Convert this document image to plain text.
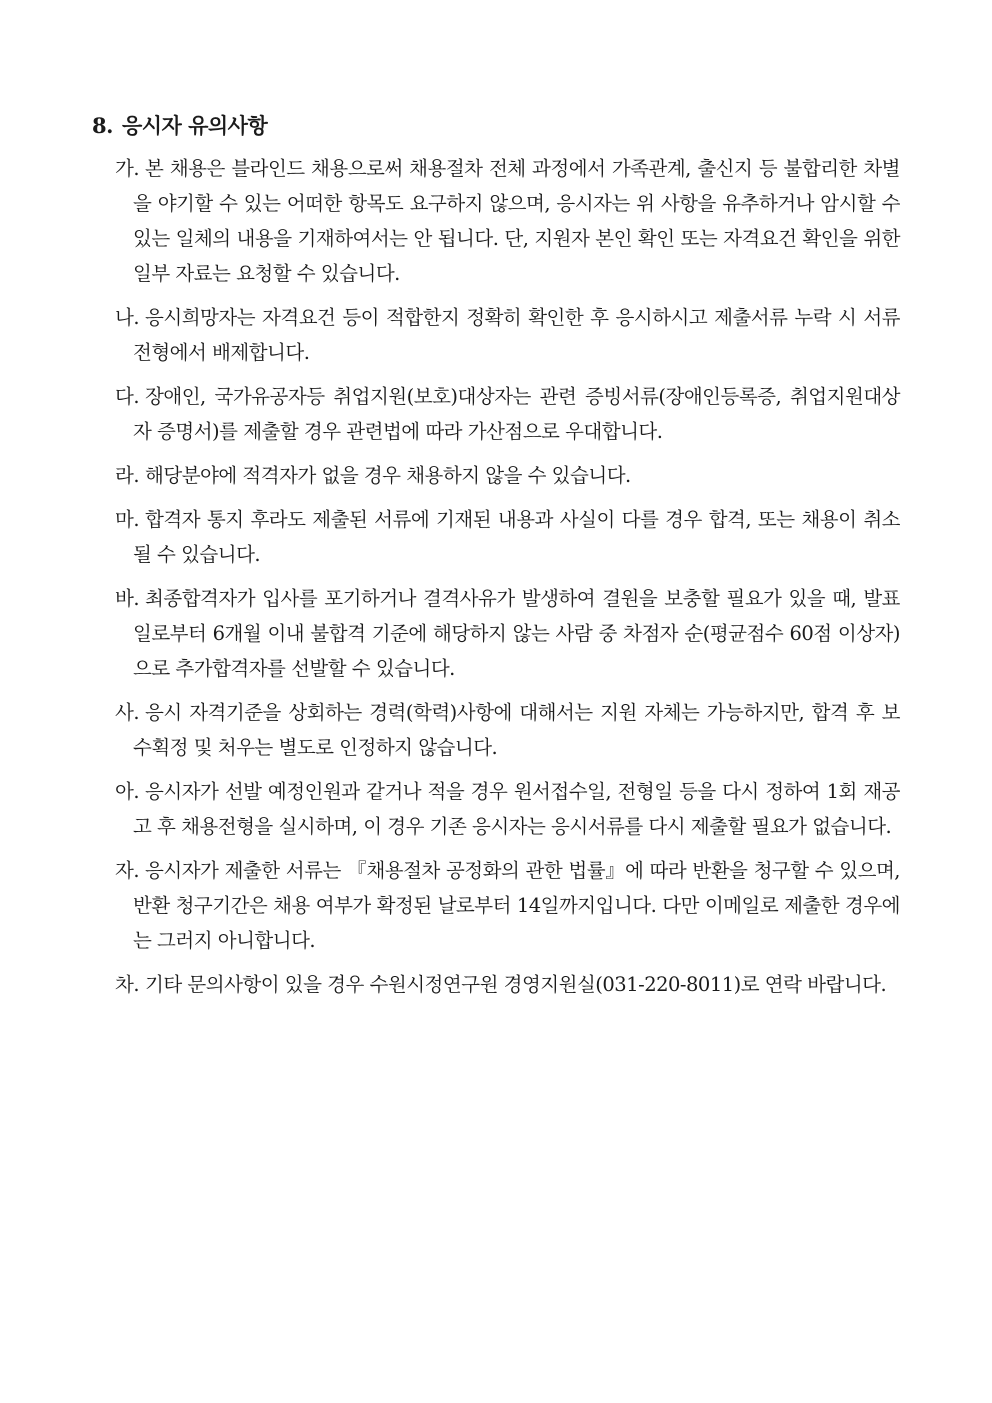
8. 응시자 유의사항

가. 본 채용은 블라인드 채용으로써 채용절차 전체 과정에서 가족관계, 출신지 등 불합리한 차별을 야기할 수 있는 어떠한 항목도 요구하지 않으며, 응시자는 위 사항을 유추하거나 암시할 수 있는 일체의 내용을 기재하여서는 안 됩니다. 단, 지원자 본인 확인 또는 자격요건 확인을 위한 일부 자료는 요청할 수 있습니다.

나. 응시희망자는 자격요건 등이 적합한지 정확히 확인한 후 응시하시고 제출서류 누락 시 서류전형에서 배제합니다.

다. 장애인, 국가유공자등 취업지원(보호)대상자는 관련 증빙서류(장애인등록증, 취업지원대상자 증명서)를 제출할 경우 관련법에 따라 가산점으로 우대합니다.

라. 해당분야에 적격자가 없을 경우 채용하지 않을 수 있습니다.

마. 합격자 통지 후라도 제출된 서류에 기재된 내용과 사실이 다를 경우 합격, 또는 채용이 취소될 수 있습니다.

바. 최종합격자가 입사를 포기하거나 결격사유가 발생하여 결원을 보충할 필요가 있을 때, 발표일로부터 6개월 이내 불합격 기준에 해당하지 않는 사람 중 차점자 순(평균점수 60점 이상자)으로 추가합격자를 선발할 수 있습니다.

사. 응시 자격기준을 상회하는 경력(학력)사항에 대해서는 지원 자체는 가능하지만, 합격 후 보수획정 및 처우는 별도로 인정하지 않습니다.

아. 응시자가 선발 예정인원과 같거나 적을 경우 원서접수일, 전형일 등을 다시 정하여 1회 재공고 후 채용전형을 실시하며, 이 경우 기존 응시자는 응시서류를 다시 제출할 필요가 없습니다.

자. 응시자가 제출한 서류는 『채용절차 공정화의 관한 법률』에 따라 반환을 청구할 수 있으며, 반환 청구기간은 채용 여부가 확정된 날로부터 14일까지입니다. 다만 이메일로 제출한 경우에는 그러지 아니합니다.

차. 기타 문의사항이 있을 경우 수원시정연구원 경영지원실(031-220-8011)로 연락 바랍니다.
